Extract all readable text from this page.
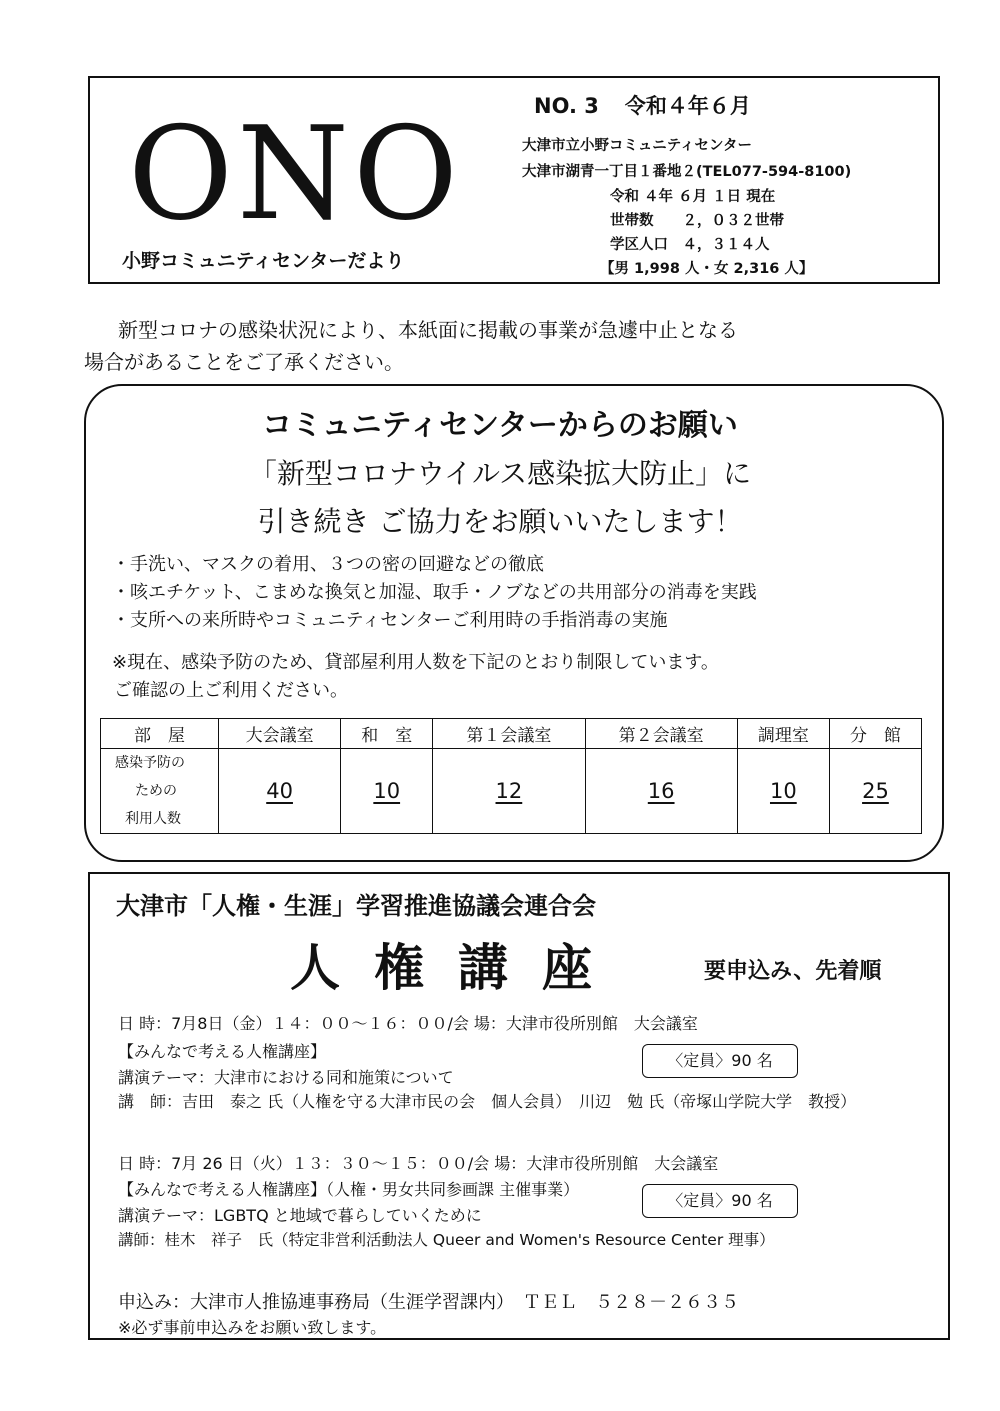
ONO
小野コミュニティセンターだより
NO. 3 令和４年６月
大津市立小野コミュニティセンター
大津市湖青一丁目１番地２(TEL077-594-8100)
令和 ４年 ６月 １日 現在
世帯数　　２，０３２世帯
学区人口　４，３１４人
【男 1,998 人・女 2,316 人】
新型コロナの感染状況により、本紙面に掲載の事業が急遽中止となる
場合があることをご了承ください。
コミュニティセンターからのお願い
「新型コロナウイルス感染拡大防止」に
引き続き ご協力をお願いいたします！
・手洗い、マスクの着用、３つの密の回避などの徹底
・咳エチケット、こまめな換気と加湿、取手・ノブなどの共用部分の消毒を実践
・支所への来所時やコミュニティセンターご利用時の手指消毒の実施
※現在、感染予防のため、貸部屋利用人数を下記のとおり制限しています。
ご確認の上ご利用ください。
部　屋	大会議室	和　室	第１会議室	第２会議室	調理室	分　館

感染予防の
ための
利用人数	40	10	12	16	10	25
大津市「人権・生涯」学習推進協議会連合会
人権講座	要申込み、先着順
日 時：7月8日（金）１４：００～１６：００/会 場：大津市役所別館　大会議室
【みんなで考える人権講座】	〈定員〉90 名
講演テーマ：大津市における同和施策について
講　師：吉田　泰之 氏（人権を守る大津市民の会　個人会員）　川辺　勉 氏（帝塚山学院大学　教授）
日 時：7月 26 日（火）１３：３０～１５：００/会 場：大津市役所別館　大会議室
【みんなで考える人権講座】（人権・男女共同参画課 主催事業）
〈定員〉90 名
講演テーマ：LGBTQ と地域で暮らしていくために
講師：桂木　祥子　氏（特定非営利活動法人 Queer and Women's Resource Center 理事）
申込み：大津市人推協連事務局（生涯学習課内）　ＴＥＬ　５２８－２６３５
※必ず事前申込みをお願い致します。
